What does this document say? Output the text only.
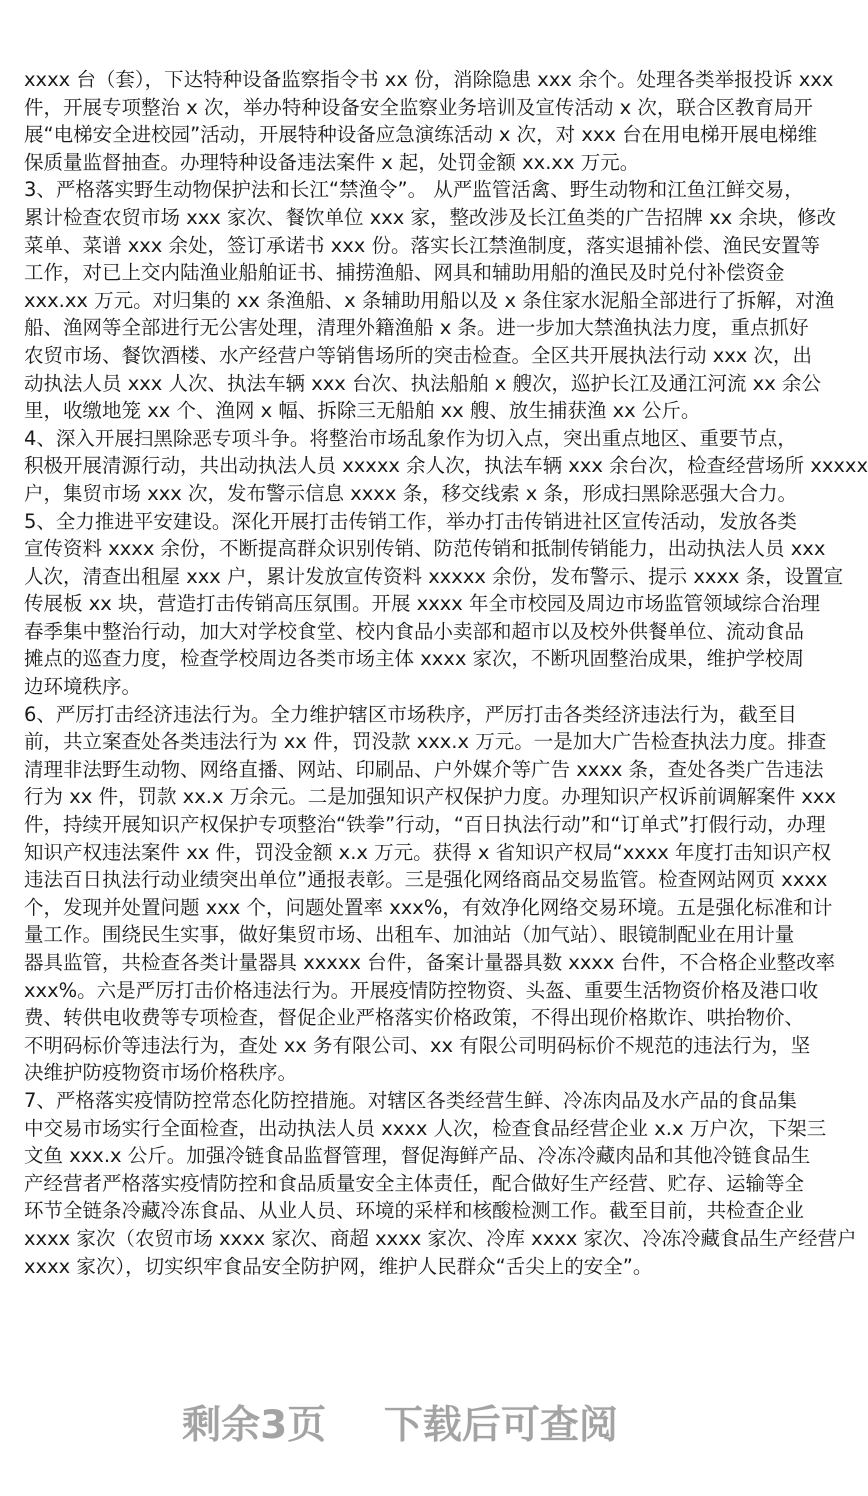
xxxx 台（套），下达特种设备监察指令书 xx 份，消除隐患 xxx 余个。处理各类举报投诉 xxx
件，开展专项整治 x 次，举办特种设备安全监察业务培训及宣传活动 x 次，联合区教育局开
展“电梯安全进校园”活动，开展特种设备应急演练活动 x 次，对 xxx 台在用电梯开展电梯维
保质量监督抽查。办理特种设备违法案件 x 起，处罚金额 xx.xx 万元。
3、严格落实野生动物保护法和长江“禁渔令”。 从严监管活禽、野生动物和江鱼江鲜交易，
累计检查农贸市场 xxx 家次、餐饮单位 xxx 家，整改涉及长江鱼类的广告招牌 xx 余块，修改
菜单、菜谱 xxx 余处，签订承诺书 xxx 份。落实长江禁渔制度，落实退捕补偿、渔民安置等
工作，对已上交内陆渔业船舶证书、捕捞渔船、网具和辅助用船的渔民及时兑付补偿资金
xxx.xx 万元。对归集的 xx 条渔船、x 条辅助用船以及 x 条住家水泥船全部进行了拆解，对渔
船、渔网等全部进行无公害处理，清理外籍渔船 x 条。进一步加大禁渔执法力度，重点抓好
农贸市场、餐饮酒楼、水产经营户等销售场所的突击检查。全区共开展执法行动 xxx 次，出
动执法人员 xxx 人次、执法车辆 xxx 台次、执法船舶 x 艘次，巡护长江及通江河流 xx 余公
里，收缴地笼 xx 个、渔网 x 幅、拆除三无船舶 xx 艘、放生捕获渔 xx 公斤。
4、深入开展扫黑除恶专项斗争。将整治市场乱象作为切入点，突出重点地区、重要节点，
积极开展清源行动，共出动执法人员 xxxxx 余人次，执法车辆 xxx 余台次，检查经营场所 xxxxx
户，集贸市场 xxx 次，发布警示信息 xxxx 条，移交线索 x 条，形成扫黑除恶强大合力。
5、全力推进平安建设。深化开展打击传销工作，举办打击传销进社区宣传活动，发放各类
宣传资料 xxxx 余份，不断提高群众识别传销、防范传销和抵制传销能力，出动执法人员 xxx
人次，清查出租屋 xxx 户，累计发放宣传资料 xxxxx 余份，发布警示、提示 xxxx 条，设置宣
传展板 xx 块，营造打击传销高压氛围。开展 xxxx 年全市校园及周边市场监管领域综合治理
春季集中整治行动，加大对学校食堂、校内食品小卖部和超市以及校外供餐单位、流动食品
摊点的巡查力度，检查学校周边各类市场主体 xxxx 家次，不断巩固整治成果，维护学校周
边环境秩序。
6、严厉打击经济违法行为。全力维护辖区市场秩序，严厉打击各类经济违法行为，截至目
前，共立案查处各类违法行为 xx 件，罚没款 xxx.x 万元。一是加大广告检查执法力度。排查
清理非法野生动物、网络直播、网站、印刷品、户外媒介等广告 xxxx 条，查处各类广告违法
行为 xx 件，罚款 xx.x 万余元。二是加强知识产权保护力度。办理知识产权诉前调解案件 xxx
件，持续开展知识产权保护专项整治“铁拳”行动，“百日执法行动”和“订单式”打假行动，办理
知识产权违法案件 xx 件，罚没金额 x.x 万元。获得 x 省知识产权局“xxxx 年度打击知识产权
违法百日执法行动业绩突出单位”通报表彰。三是强化网络商品交易监管。检查网站网页 xxxx
个，发现并处置问题 xxx 个，问题处置率 xxx%，有效净化网络交易环境。五是强化标准和计
量工作。围绕民生实事，做好集贸市场、出租车、加油站（加气站）、眼镜制配业在用计量
器具监管，共检查各类计量器具 xxxxx 台件，备案计量器具数 xxxx 台件，不合格企业整改率
xxx%。六是严厉打击价格违法行为。开展疫情防控物资、头盔、重要生活物资价格及港口收
费、转供电收费等专项检查，督促企业严格落实价格政策，不得出现价格欺诈、哄抬物价、
不明码标价等违法行为，查处 xx 务有限公司、xx 有限公司明码标价不规范的违法行为，坚
决维护防疫物资市场价格秩序。
7、严格落实疫情防控常态化防控措施。对辖区各类经营生鲜、冷冻肉品及水产品的食品集
中交易市场实行全面检查，出动执法人员 xxxx 人次，检查食品经营企业 x.x 万户次，下架三
文鱼 xxx.x 公斤。加强冷链食品监督管理，督促海鲜产品、冷冻冷藏肉品和其他冷链食品生
产经营者严格落实疫情防控和食品质量安全主体责任，配合做好生产经营、贮存、运输等全
环节全链条冷藏冷冻食品、从业人员、环境的采样和核酸检测工作。截至目前，共检查企业
xxxx 家次（农贸市场 xxxx 家次、商超 xxxx 家次、冷库 xxxx 家次、冷冻冷藏食品生产经营户
xxxx 家次），切实织牢食品安全防护网，维护人民群众“舌尖上的安全”。
剩余3页 下载后可查阅
